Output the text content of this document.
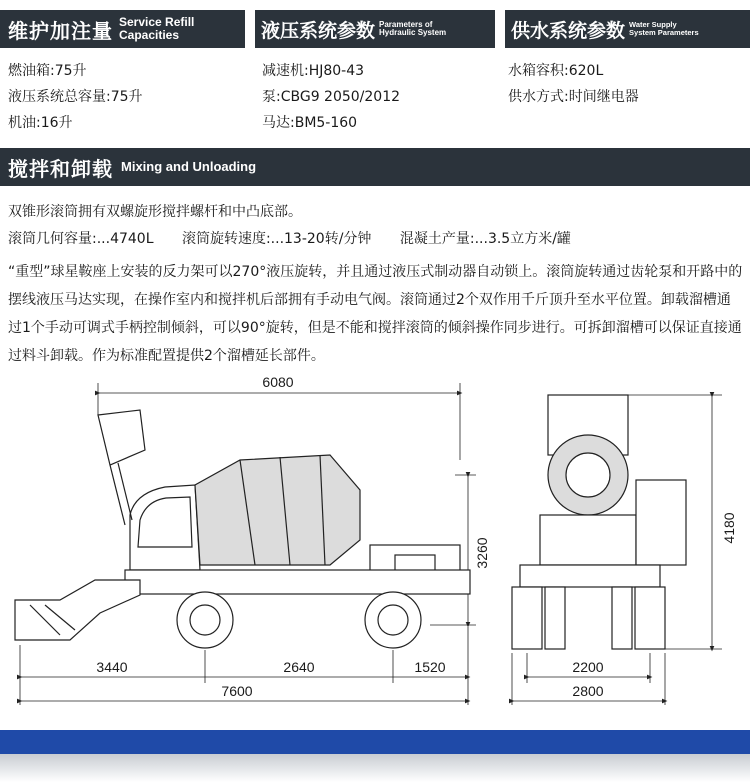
维护加注量 Service Refill
Capacities	液压系统参数 Parameters of
Hydraulic System	供水系统参数 Water Supply
System Parameters
燃油箱:75升
液压系统总容量:75升
机油:16升
减速机:HJ80-43
泵:CBG9 2050/2012
马达:BM5-160
水箱容积:620L
供水方式:时间继电器
搅拌和卸载 Mixing and Unloading

双锥形滚筒拥有双螺旋形搅拌螺杆和中凸底部。

滚筒几何容量:...4740L 滚筒旋转速度:...13-20转/分钟 混凝土产量:...3.5立方米/罐

“重型”球星鞍座上安装的反力架可以270°液压旋转，并且通过液压式制动器自动锁上。滚筒旋转通过齿轮泵和开路中的摆线液压马达实现，在操作室内和搅拌机后部拥有手动电气阀。滚筒通过2个双作用千斤顶升至水平位置。卸载溜槽通过1个手动可调式手柄控制倾斜，可以90°旋转，但是不能和搅拌滚筒的倾斜操作同步进行。可拆卸溜槽可以保证直接通过料斗卸载。作为标准配置提供2个溜槽延长部件。

6080
3260
3440	2640	1520
7600
4180
2200
2800
